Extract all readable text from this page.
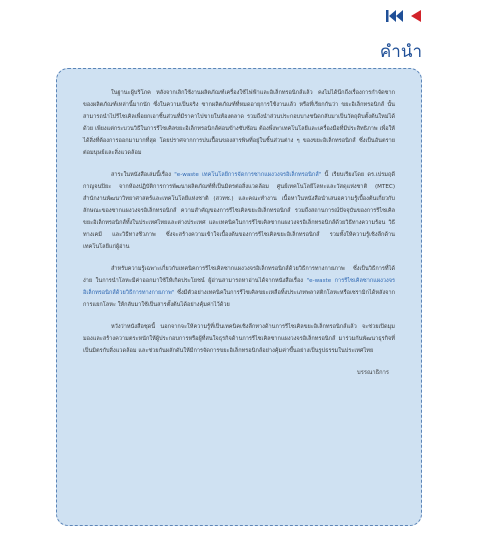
คำนำ

ในฐานะผู้บริโภค หลังจากเลิกใช้งานผลิตภัณฑ์เครื่องใช้ไฟฟ้าและอิเล็กทรอนิกส์แล้ว คงไม่ได้นึกถึงเรื่องการกำจัดซากของผลิตภัณฑ์เหล่านี้มากนัก ซึ่งในความเป็นจริง ซากผลิตภัณฑ์ที่หมดอายุการใช้งานแล้ว หรือที่เรียกกันว่า ขยะอิเล็กทรอนิกส์ นั้น สามารถนำไปรีไซเคิลเพื่อยกเอาชิ้นส่วนที่มีราคาไปขายในท้องตลาด รวมถึงนำส่วนประกอบบางชนิดกลับมาเป็นวัตถุดิบตั้งต้นใหม่ได้ด้วย เพียงแต่กระบวนวิธีในการรีไซเคิลขยะอิเล็กทรอนิกส์ค่อนข้างซับซ้อน ต้องพึ่งพาเทคโนโลยีและเครื่องมือที่มีประสิทธิภาพ เพื่อให้ได้สิ่งที่ต้องการออกมามากที่สุด โดยปราศจากการปนเปื้อนของสารพิษที่อยู่ในชิ้นส่วนต่าง ๆ ของขยะอิเล็กทรอนิกส์ ซึ่งเป็นอันตรายต่อมนุษย์และสิ่งแวดล้อม

สาระในหนังสือเล่มนี้เรื่อง "e-waste เทคโนโลยีการจัดการซากแผงวงจรอิเล็กทรอนิกส์" นี้ เรียบเรียงโดย ดร.เปรมฤดี กาญจนปิยะ จากห้องปฏิบัติการการพัฒนาผลิตภัณฑ์ที่เป็นมิตรต่อสิ่งแวดล้อม ศูนย์เทคโนโลยีโลหะและวัสดุแห่งชาติ (MTEC) สำนักงานพัฒนาวิทยาศาสตร์และเทคโนโลยีแห่งชาติ (สวทช.) และคณะทำงาน เนื้อหาในหนังสือนำเสนอความรู้เบื้องต้นเกี่ยวกับลักษณะของซากแผงวงจรอิเล็กทรอนิกส์ ความสำคัญของการรีไซเคิลขยะอิเล็กทรอนิกส์ รวมถึงสถานการณ์ปัจจุบันของการรีไซเคิลขยะอิเล็กทรอนิกส์ทั้งในประเทศไทยและต่างประเทศ และเทคนิคในการรีไซเคิลซากแผงวงจรอิเล็กทรอนิกส์ด้วยวิธีทางความร้อน วิธีทางเคมี และวิธีทางชีวภาพ ซึ่งจะสร้างความเข้าใจเบื้องต้นของการรีไซเคิลขยะอิเล็กทรอนิกส์ รวมทั้งให้ความรู้เชิงลึกด้านเทคโนโลยีแก่ผู้อ่าน

สำหรับความรู้เฉพาะเกี่ยวกับเทคนิคการรีไซเคิลซากแผงวงจรอิเล็กทรอนิกส์ด้วยวิธีการทางกายภาพ ซึ่งเป็นวิธีการที่ได้ง่าย ในการนำโลหะมีค่าออกมาใช้ให้เกิดประโยชน์ ผู้อ่านสามารถหาอ่านได้จากหนังสือเรื่อง "e-waste การรีไซเคิลซากแผงวงจรอิเล็กทรอนิกส์ด้วยวิธีการทางกายภาพ" ซึ่งมีตัวอย่างเทคนิคในการรีไซเคิลขยะเหลือทิ้งประเภทพลาสติกโลหะหรือเซรามิกได้หลังจากการแยกโลหะ ให้กลับมาใช้เป็นสารตั้งต้นได้อย่างคุ้มค่าไว้ด้วย

หวังว่าหนังสือชุดนี้ นอกจากจะให้ความรู้ที่เป็นเทคนิคเชิงลึกทางด้านการรีไซเคิลขยะอิเล็กทรอนิกส์แล้ว จะช่วยเปิดมุมมองและสร้างความตระหนักให้ผู้ประกอบการหรือผู้ที่สนใจธุรกิจด้านการรีไซเคิลซากแผงวงจรอิเล็กทรอนิกส์ มาร่วมกันพัฒนาธุรกิจที่เป็นมิตรกับสิ่งแวดล้อม และช่วยกันผลักดันให้มีการจัดการขยะอิเล็กทรอนิกส์อย่างคุ้มค่าขึ้นอย่างเป็นรูปธรรมในประเทศไทย

บรรณาธิการ
